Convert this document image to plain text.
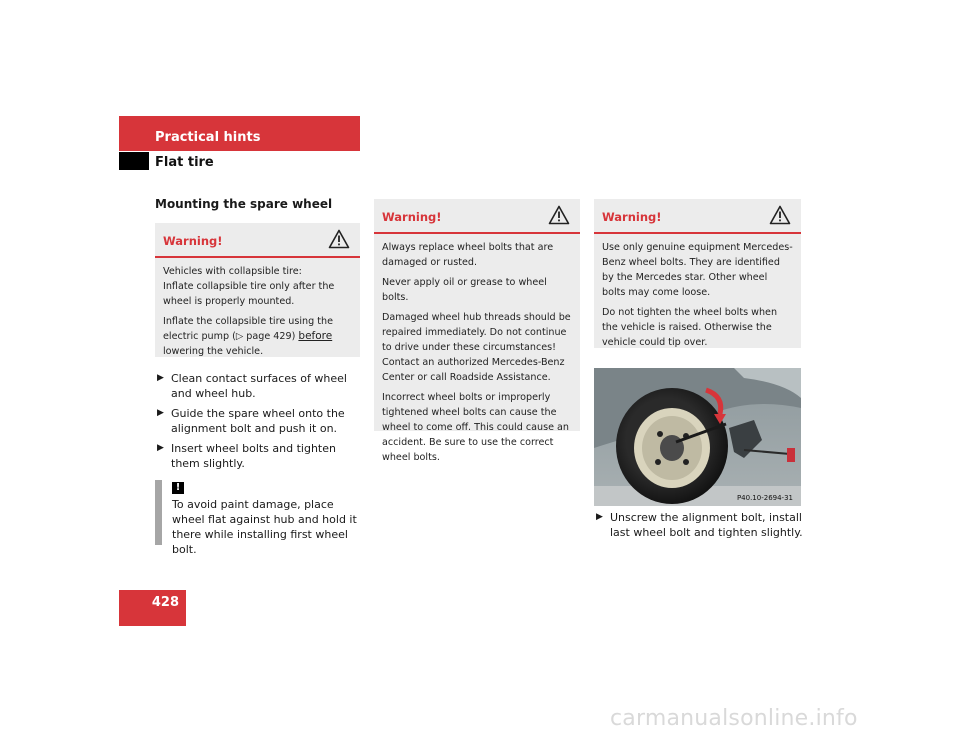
Practical hints
Flat tire
Mounting the spare wheel
Warning!

Vehicles with collapsible tire:

Inflate collapsible tire only after the wheel is properly mounted.

Inflate the collapsible tire using the electric pump (▷ page 429) before lowering the vehicle.

▶ Clean contact surfaces of wheel and wheel hub.

▶ Guide the spare wheel onto the alignment bolt and push it on.

▶ Insert wheel bolts and tighten them slightly.

!
To avoid paint damage, place wheel flat against hub and hold it there while installing first wheel bolt.
Warning!

Always replace wheel bolts that are damaged or rusted.

Never apply oil or grease to wheel bolts.

Damaged wheel hub threads should be repaired immediately. Do not continue to drive under these circumstances! Contact an authorized Mercedes-Benz Center or call Roadside Assistance.

Incorrect wheel bolts or improperly tightened wheel bolts can cause the wheel to come off. This could cause an accident. Be sure to use the correct wheel bolts.

Warning!

Use only genuine equipment Mercedes-Benz wheel bolts. They are identified by the Mercedes star. Other wheel bolts may come loose.

Do not tighten the wheel bolts when the vehicle is raised. Otherwise the vehicle could tip over.

P40.10-2694-31

▶ Unscrew the alignment bolt, install last wheel bolt and tighten slightly.

428
carmanualsonline.info
